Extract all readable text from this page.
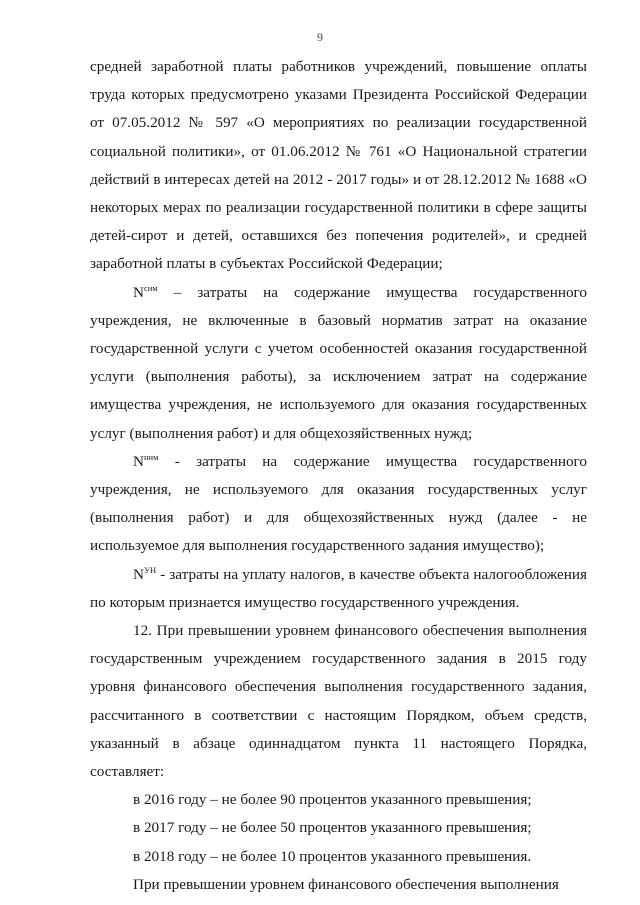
9

средней заработной платы работников учреждений, повышение оплаты труда которых предусмотрено указами Президента Российской Федерации от 07.05.2012 № 597 «О мероприятиях по реализации государственной социальной политики», от 01.06.2012 № 761 «О Национальной стратегии действий в интересах детей на 2012 - 2017 годы» и от 28.12.2012 № 1688 «О некоторых мерах по реализации государственной политики в сфере защиты детей-сирот и детей, оставшихся без попечения родителей», и средней заработной платы в субъектах Российской Федерации;

$N^{сим}$ – затраты на содержание имущества государственного учреждения, не включенные в базовый норматив затрат на оказание государственной услуги с учетом особенностей оказания государственной услуги (выполнения работы), за исключением затрат на содержание имущества учреждения, не используемого для оказания государственных услуг (выполнения работ) и для общехозяйственных нужд;

$N^{ним}$ - затраты на содержание имущества государственного учреждения, не используемого для оказания государственных услуг (выполнения работ) и для общехозяйственных нужд (далее - не используемое для выполнения государственного задания имущество);

$N^{УН}$ - затраты на уплату налогов, в качестве объекта налогообложения по которым признается имущество государственного учреждения.

12. При превышении уровнем финансового обеспечения выполнения государственным учреждением государственного задания в 2015 году уровня финансового обеспечения выполнения государственного задания, рассчитанного в соответствии с настоящим Порядком, объем средств, указанный в абзаце одиннадцатом пункта 11 настоящего Порядка, составляет:

в 2016 году – не более 90 процентов указанного превышения;

в 2017 году – не более 50 процентов указанного превышения;

в 2018 году – не более 10 процентов указанного превышения.

При превышении уровнем финансового обеспечения выполнения
